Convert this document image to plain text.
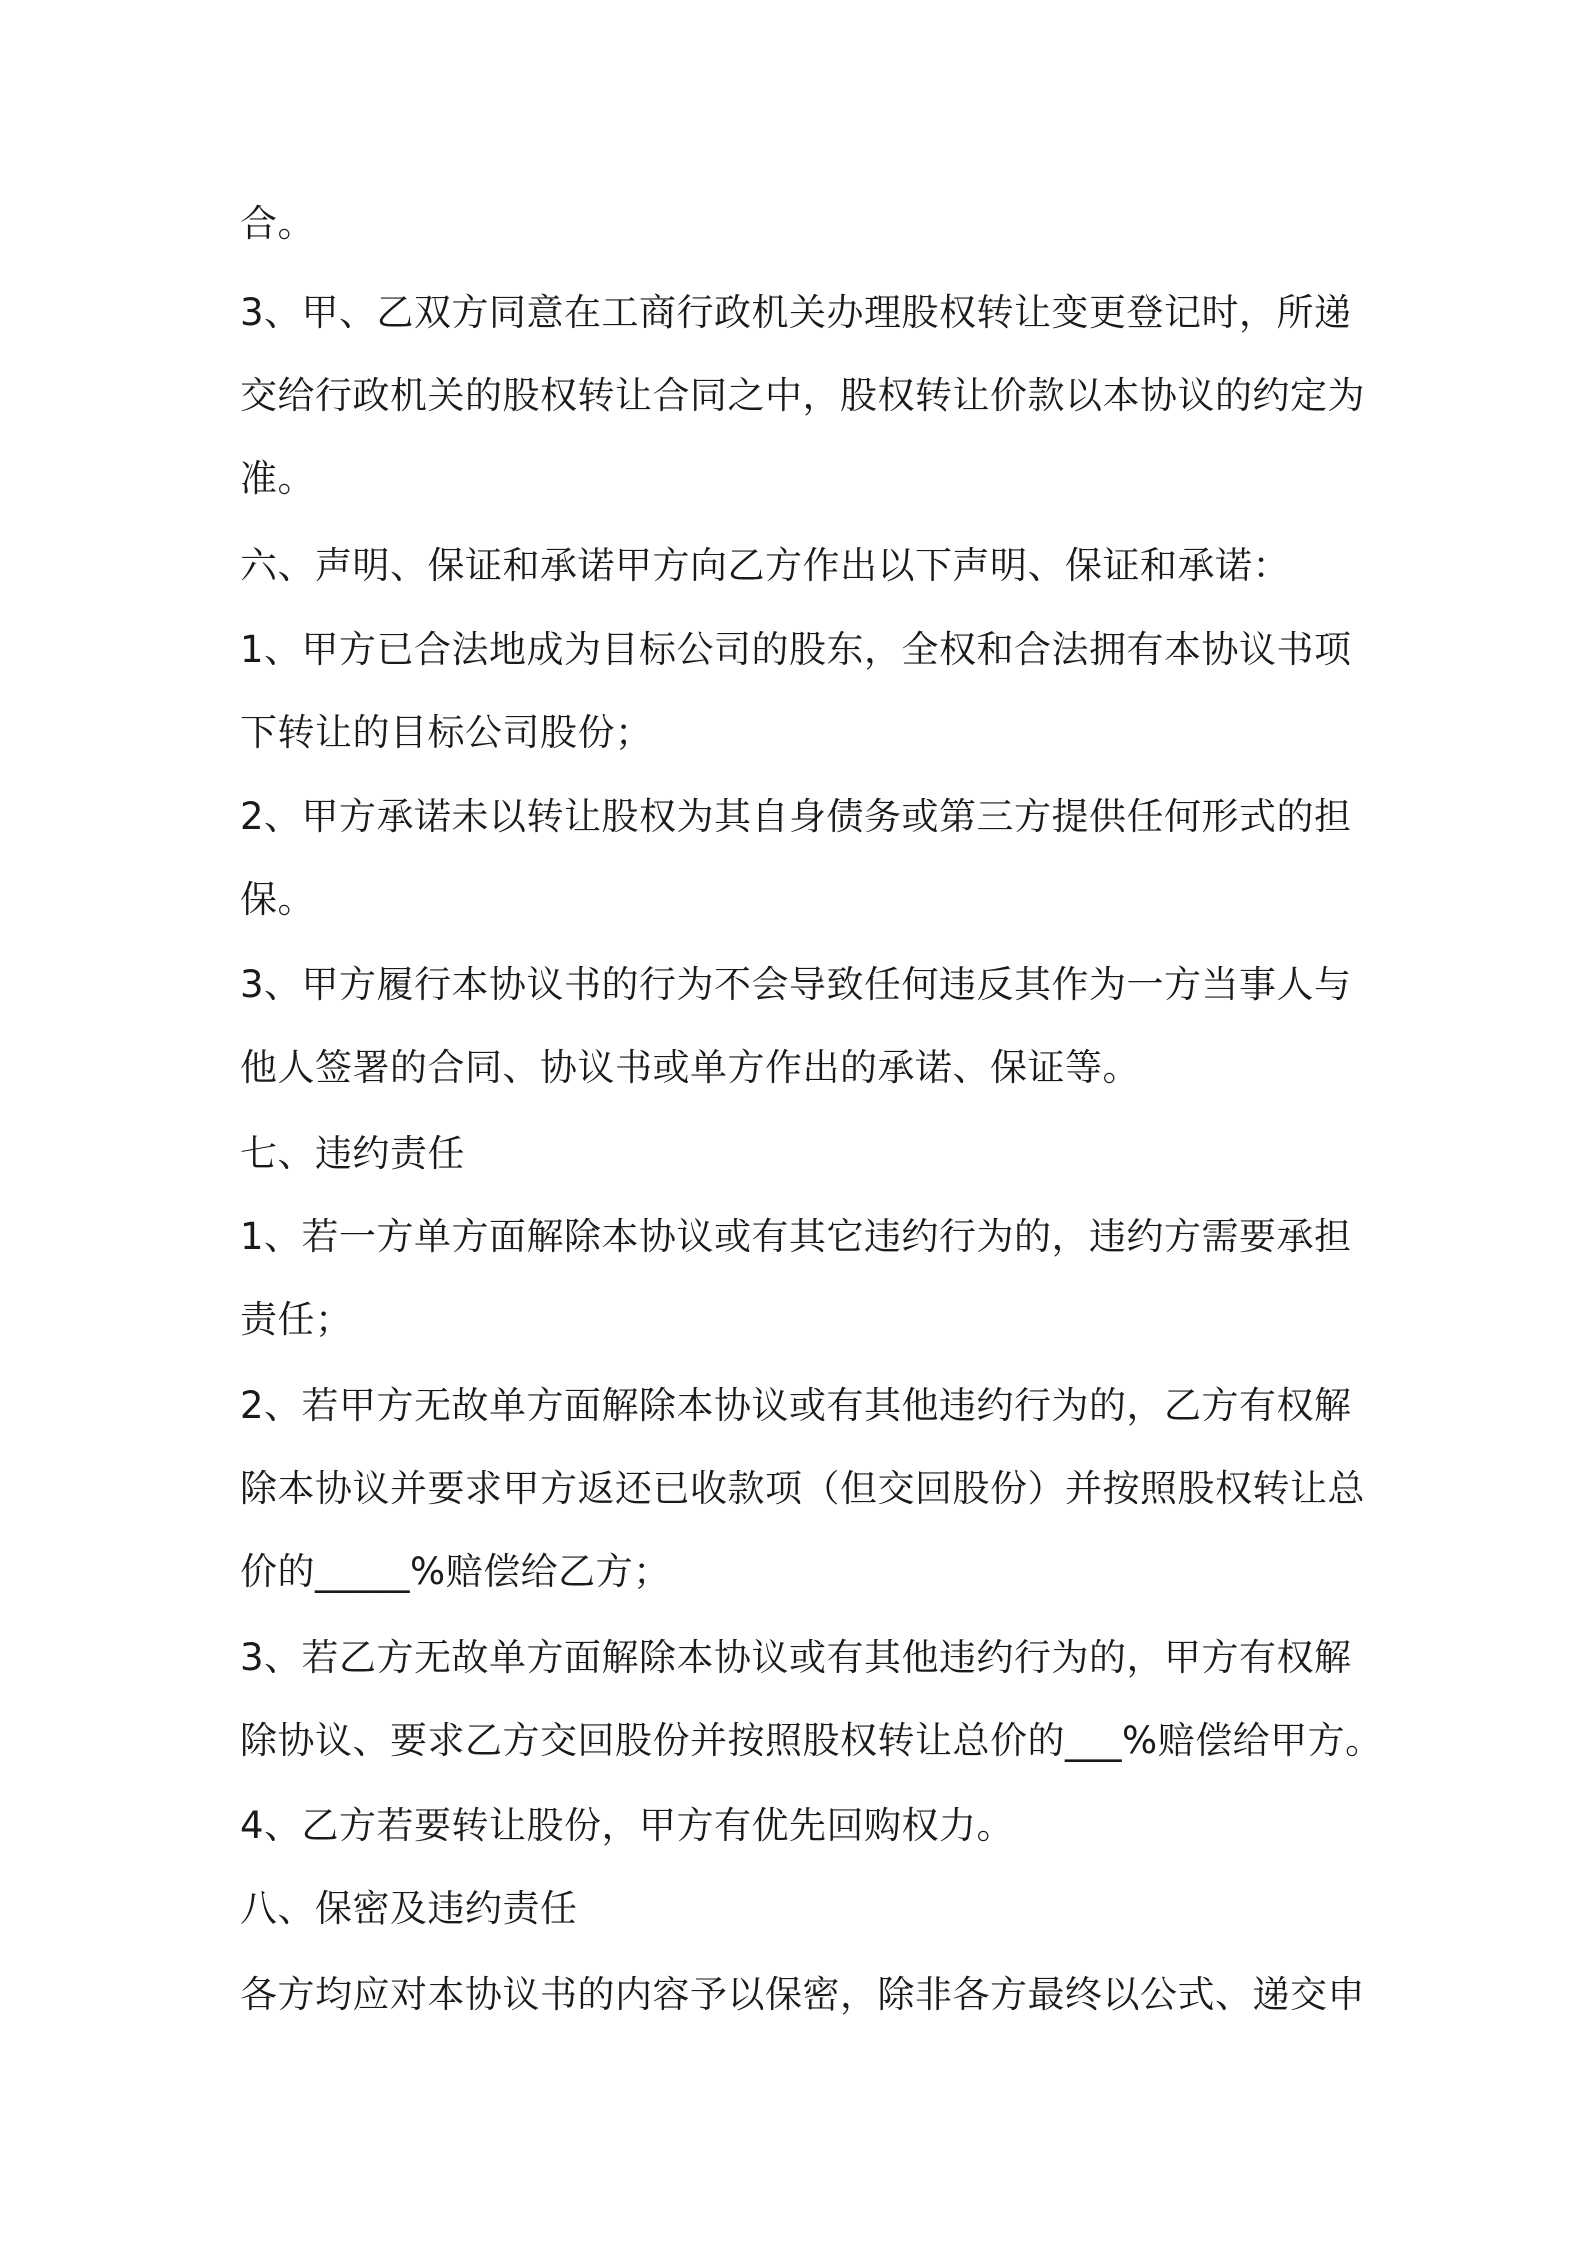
合。

3、甲、乙双方同意在工商行政机关办理股权转让变更登记时，所递

交给行政机关的股权转让合同之中，股权转让价款以本协议的约定为

准。

六、声明、保证和承诺甲方向乙方作出以下声明、保证和承诺：

1、甲方已合法地成为目标公司的股东，全权和合法拥有本协议书项

下转让的目标公司股份；

2、甲方承诺未以转让股权为其自身债务或第三方提供任何形式的担

保。

3、甲方履行本协议书的行为不会导致任何违反其作为一方当事人与

他人签署的合同、协议书或单方作出的承诺、保证等。

七、违约责任

1、若一方单方面解除本协议或有其它违约行为的，违约方需要承担

责任；

2、若甲方无故单方面解除本协议或有其他违约行为的，乙方有权解

除本协议并要求甲方返还已收款项（但交回股份）并按照股权转让总

价的_____%赔偿给乙方；

3、若乙方无故单方面解除本协议或有其他违约行为的，甲方有权解

除协议、要求乙方交回股份并按照股权转让总价的___%赔偿给甲方。

4、乙方若要转让股份，甲方有优先回购权力。

八、保密及违约责任

各方均应对本协议书的内容予以保密，除非各方最终以公式、递交申
